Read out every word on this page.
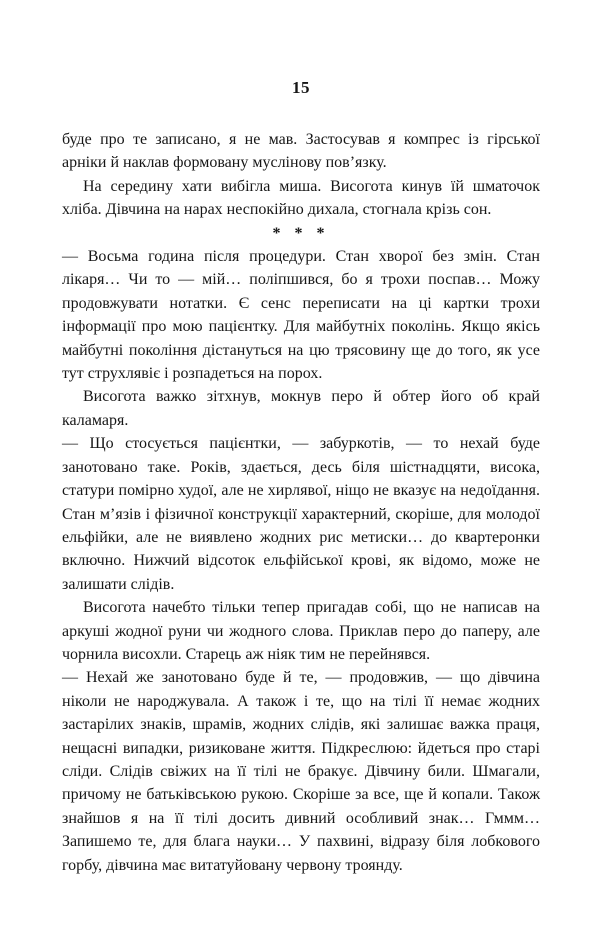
15

буде про те записано, я не мав. Застосував я компрес із гірської арніки й наклав формовану муслінову пов’язку.

На середину хати вибігла миша. Висогота кинув їй шматочок хліба. Дівчина на нарах неспокійно дихала, стогнала крізь сон.

* * *

— Восьма година після процедури. Стан хворої без змін. Стан лікаря… Чи то — мій… поліпшився, бо я трохи поспав… Можу продовжувати нотатки. Є сенс переписати на ці картки трохи інформації про мою пацієнтку. Для майбутніх поколінь. Якщо якісь майбутні покоління дістануться на цю трясовину ще до того, як усе тут струхлявіє і розпадеться на порох.

Висогота важко зітхнув, мокнув перо й обтер його об край каламаря.

— Що стосується пацієнтки, — забуркотів, — то нехай буде занотовано таке. Років, здається, десь біля шістнадцяти, висока, статури помірно худої, але не хирлявої, ніщо не вказує на недоїдання. Стан м’язів і фізичної конструкції характерний, скоріше, для молодої ельфійки, але не виявлено жодних рис метиски… до квартеронки включно. Нижчий відсоток ельфійської крові, як відомо, може не залишати слідів.

Висогота начебто тільки тепер пригадав собі, що не написав на аркуші жодної руни чи жодного слова. Приклав перо до паперу, але чорнила висохли. Старець аж ніяк тим не перейнявся.

— Нехай же занотовано буде й те, — продовжив, — що дівчина ніколи не народжувала. А також і те, що на тілі її немає жодних застарілих знаків, шрамів, жодних слідів, які залишає важка праця, нещасні випадки, ризиковане життя. Підкреслюю: йдеться про старі сліди. Слідів свіжих на її тілі не бракує. Дівчину били. Шмагали, причому не батьківською рукою. Скоріше за все, ще й копали. Також знайшов я на її тілі досить дивний особливий знак… Гммм… Запишемо те, для блага науки… У пахвині, відразу біля лобкового горбу, дівчина має витатуйовану червону троянду.
